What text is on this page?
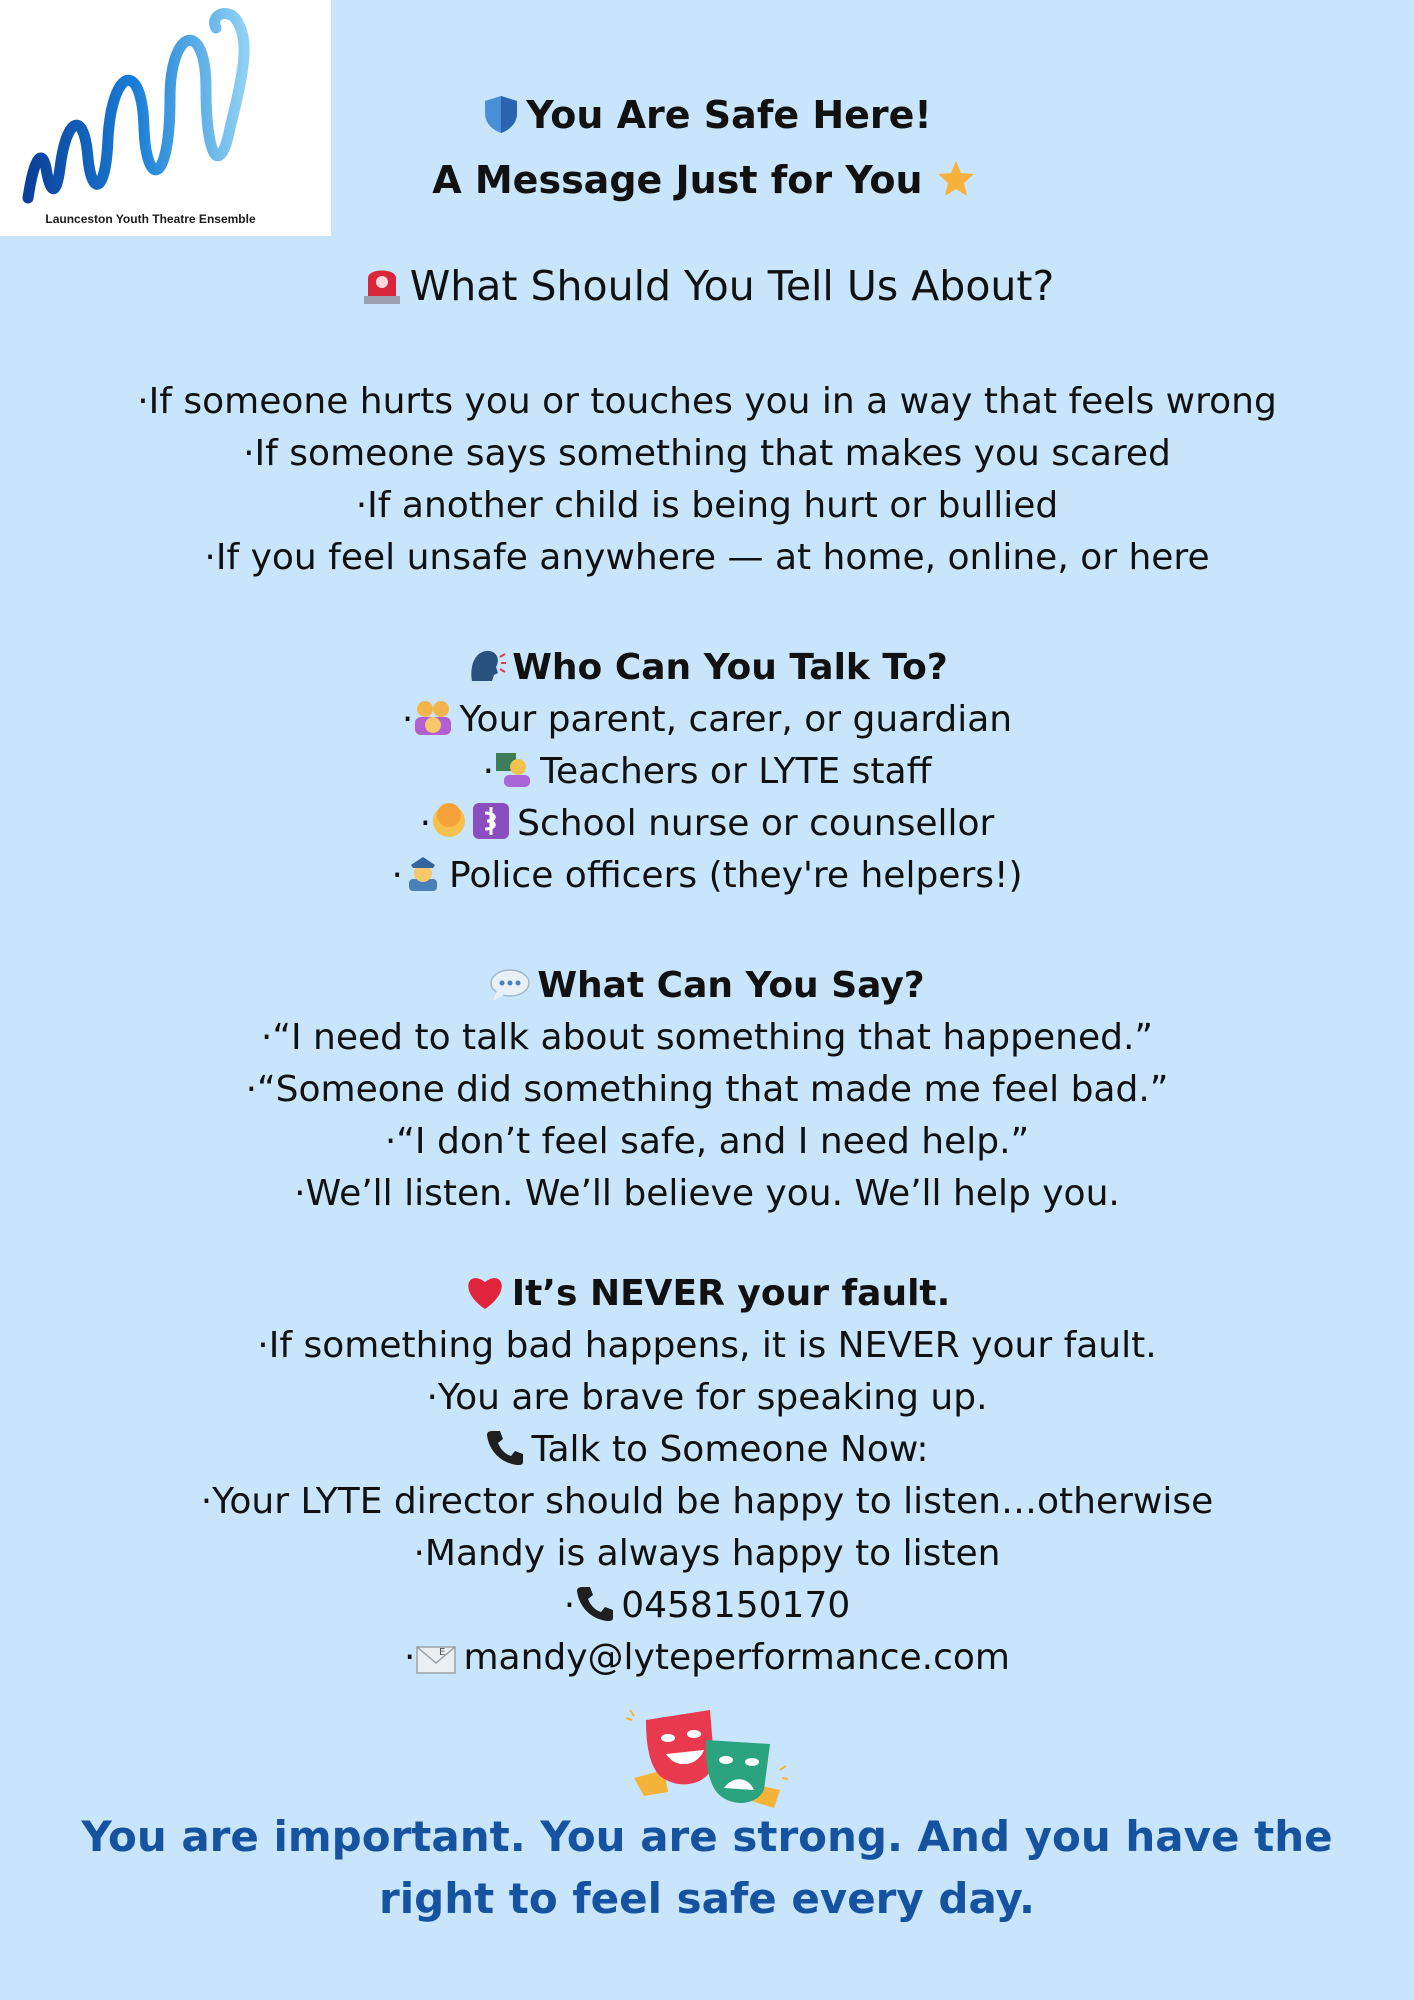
Launceston Youth Theatre Ensemble
You Are Safe Here!
A Message Just for You
What Should You Tell Us About?
·If someone hurts you or touches you in a way that feels wrong
·If someone says something that makes you scared
·If another child is being hurt or bullied
·If you feel unsafe anywhere — at home, online, or here
Who Can You Talk To?
· Your parent, carer, or guardian
· Teachers or LYTE staff
· School nurse or counsellor
· Police officers (they're helpers!)
What Can You Say?
·“I need to talk about something that happened.”
·“Someone did something that made me feel bad.”
·“I don’t feel safe, and I need help.”
·We’ll listen. We’ll believe you. We’ll help you.
It’s NEVER your fault.
·If something bad happens, it is NEVER your fault.
·You are brave for speaking up.
Talk to Someone Now:
·Your LYTE director should be happy to listen…otherwise
·Mandy is always happy to listen
· 0458150170
· E mandy@lyteperformance.com
You are important. You are strong. And you have the right to feel safe every day.
